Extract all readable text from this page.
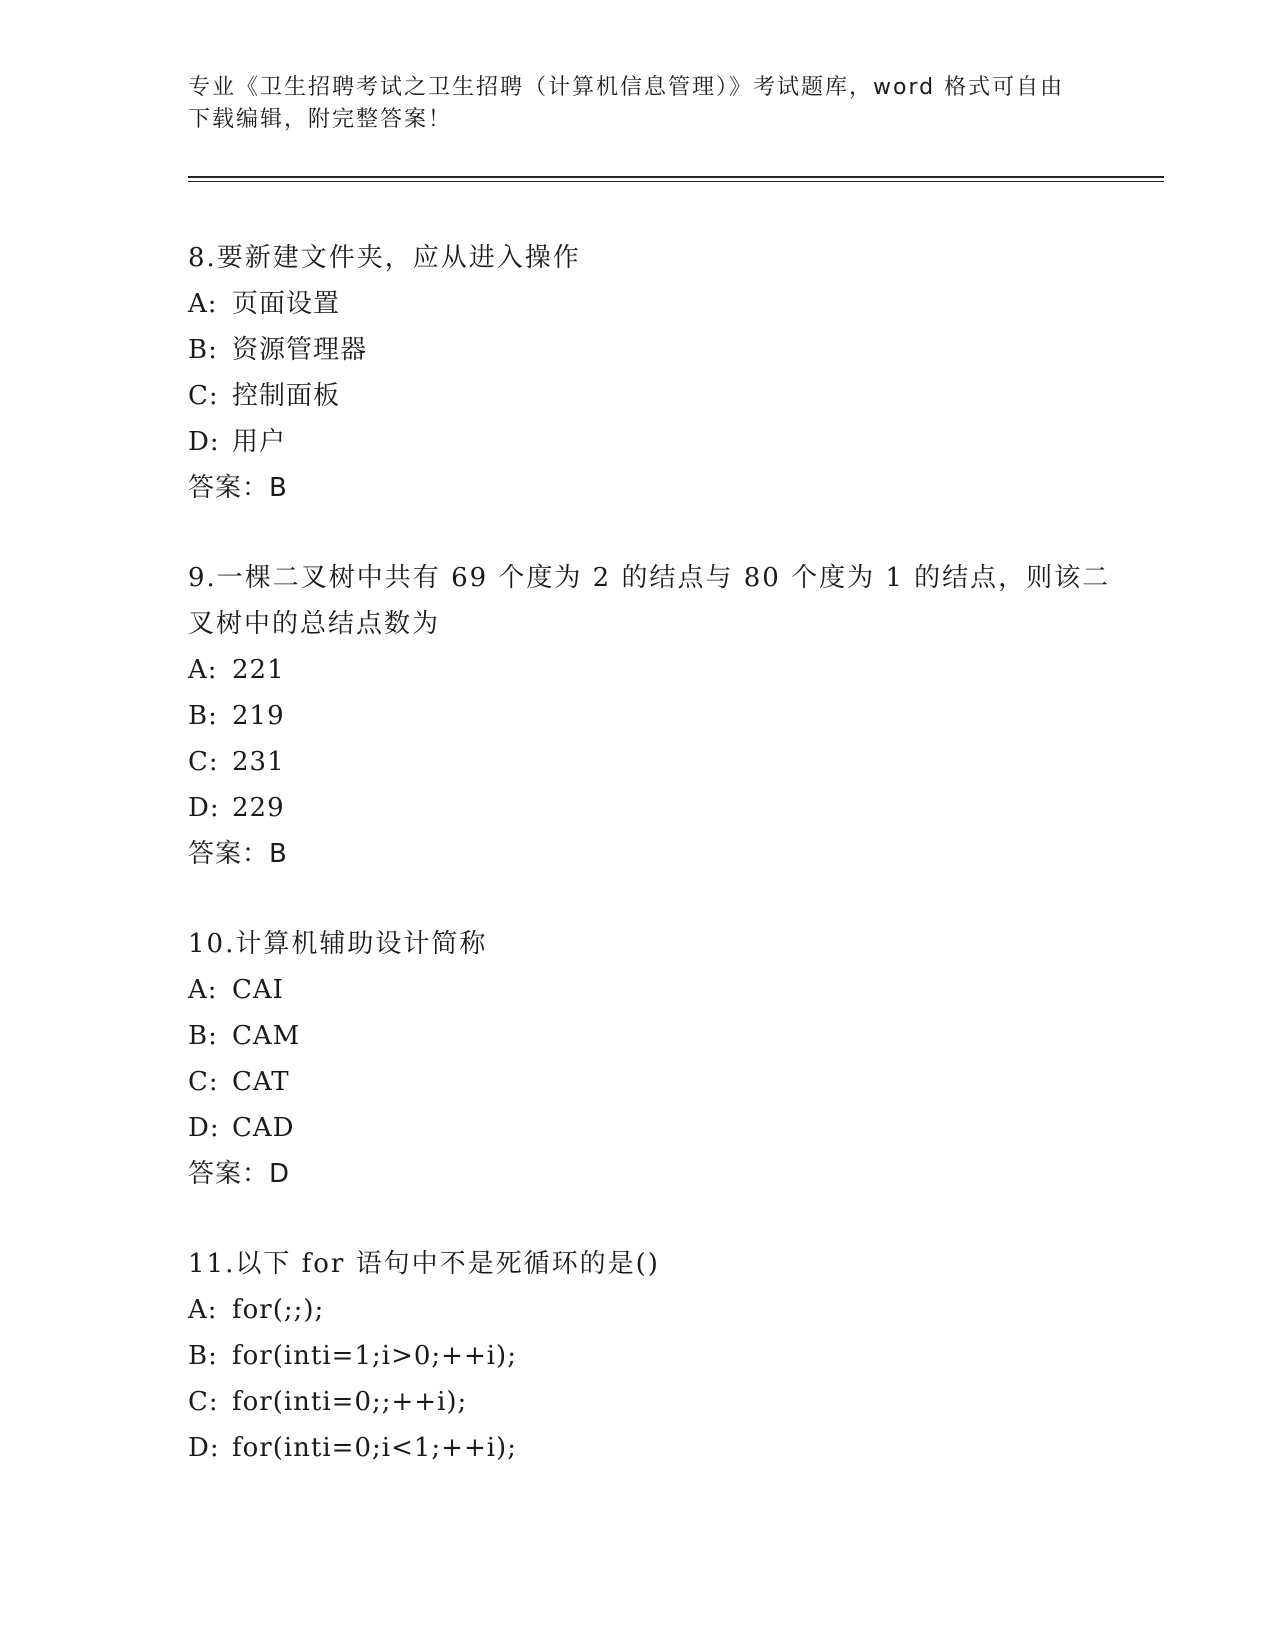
专业《卫生招聘考试之卫生招聘（计算机信息管理）》考试题库，word 格式可自由下载编辑，附完整答案！
8.要新建文件夹，应从进入操作
A: 页面设置
B: 资源管理器
C: 控制面板
D: 用户
答案：B
9.一棵二叉树中共有 69 个度为 2 的结点与 80 个度为 1 的结点，则该二叉树中的总结点数为
A: 221
B: 219
C: 231
D: 229
答案：B
10.计算机辅助设计简称
A: CAI
B: CAM
C: CAT
D: CAD
答案：D
11.以下 for 语句中不是死循环的是()
A: for(;;);
B: for(inti=1;i>0;++i);
C: for(inti=0;;++i);
D: for(inti=0;i<1;++i);
